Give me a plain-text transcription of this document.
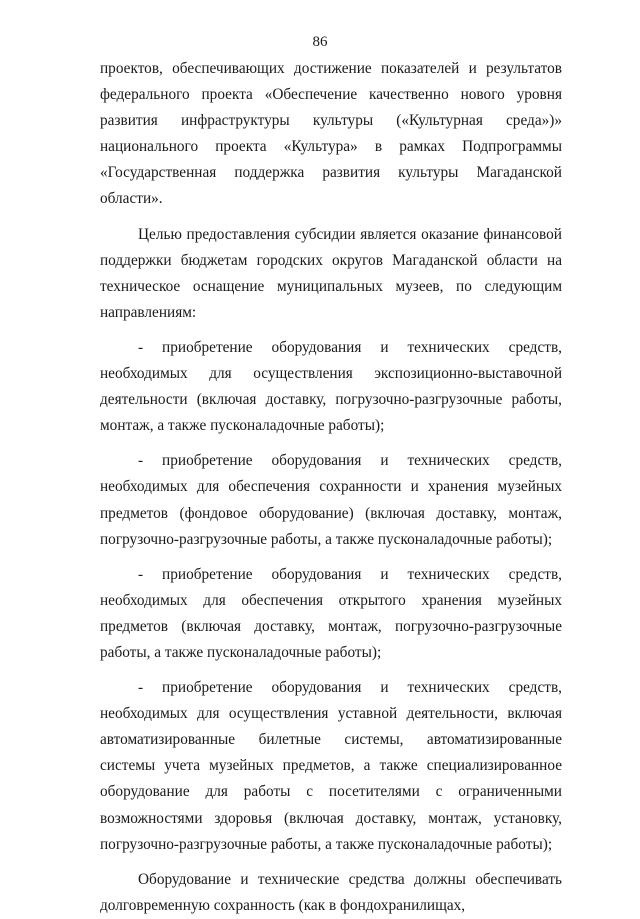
86

проектов, обеспечивающих достижение показателей и результатов федерального проекта «Обеспечение качественно нового уровня развития инфраструктуры культуры («Культурная среда»)» национального проекта «Культура» в рамках Подпрограммы «Государственная поддержка развития культуры Магаданской области».

Целью предоставления субсидии является оказание финансовой поддержки бюджетам городских округов Магаданской области на техническое оснащение муниципальных музеев, по следующим направлениям:

- приобретение оборудования и технических средств, необходимых для осуществления экспозиционно-выставочной деятельности (включая доставку, погрузочно-разгрузочные работы, монтаж, а также пусконаладочные работы);

- приобретение оборудования и технических средств, необходимых для обеспечения сохранности и хранения музейных предметов (фондовое оборудование) (включая доставку, монтаж, погрузочно-разгрузочные работы, а также пусконаладочные работы);

- приобретение оборудования и технических средств, необходимых для обеспечения открытого хранения музейных предметов (включая доставку, монтаж, погрузочно-разгрузочные работы, а также пусконаладочные работы);

- приобретение оборудования и технических средств, необходимых для осуществления уставной деятельности, включая автоматизированные билетные системы, автоматизированные системы учета музейных предметов, а также специализированное оборудование для работы с посетителями с ограниченными возможностями здоровья (включая доставку, монтаж, установку, погрузочно-разгрузочные работы, а также пусконаладочные работы);

Оборудование и технические средства должны обеспечивать долговременную сохранность (как в фондохранилищах,
